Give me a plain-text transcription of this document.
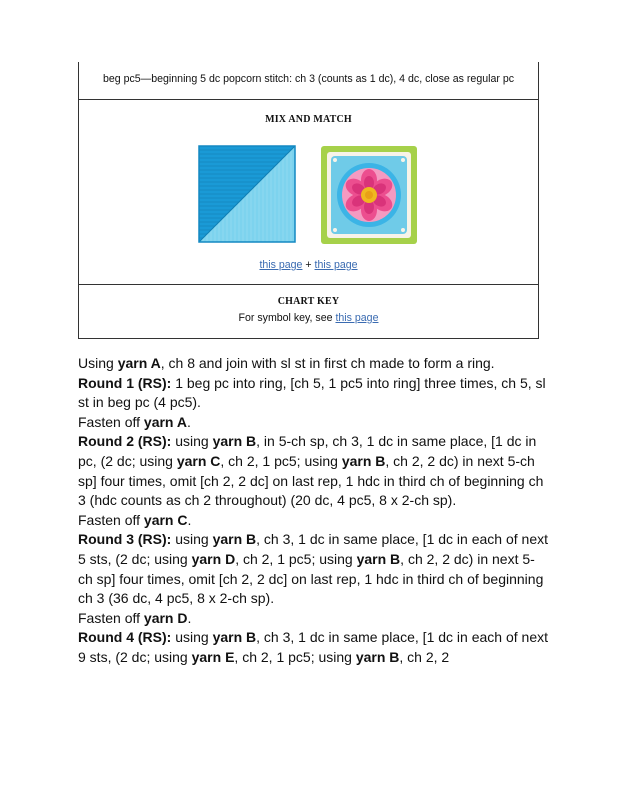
beg pc5—beginning 5 dc popcorn stitch: ch 3 (counts as 1 dc), 4 dc, close as regular pc
MIX AND MATCH
this page + this page
CHART KEY
For symbol key, see this page

Using yarn A, ch 8 and join with sl st in first ch made to form a ring.

Round 1 (RS): 1 beg pc into ring, [ch 5, 1 pc5 into ring] three times, ch 5, sl st in beg pc (4 pc5).

Fasten off yarn A.

Round 2 (RS): using yarn B, in 5-ch sp, ch 3, 1 dc in same place, [1 dc in pc, (2 dc; using yarn C, ch 2, 1 pc5; using yarn B, ch 2, 2 dc) in next 5-ch sp] four times, omit [ch 2, 2 dc] on last rep, 1 hdc in third ch of beginning ch 3 (hdc counts as ch 2 throughout) (20 dc, 4 pc5, 8 x 2-ch sp).

Fasten off yarn C.

Round 3 (RS): using yarn B, ch 3, 1 dc in same place, [1 dc in each of next 5 sts, (2 dc; using yarn D, ch 2, 1 pc5; using yarn B, ch 2, 2 dc) in next 5-ch sp] four times, omit [ch 2, 2 dc] on last rep, 1 hdc in third ch of beginning ch 3 (36 dc, 4 pc5, 8 x 2-ch sp).

Fasten off yarn D.

Round 4 (RS): using yarn B, ch 3, 1 dc in same place, [1 dc in each of next 9 sts, (2 dc; using yarn E, ch 2, 1 pc5; using yarn B, ch 2, 2
